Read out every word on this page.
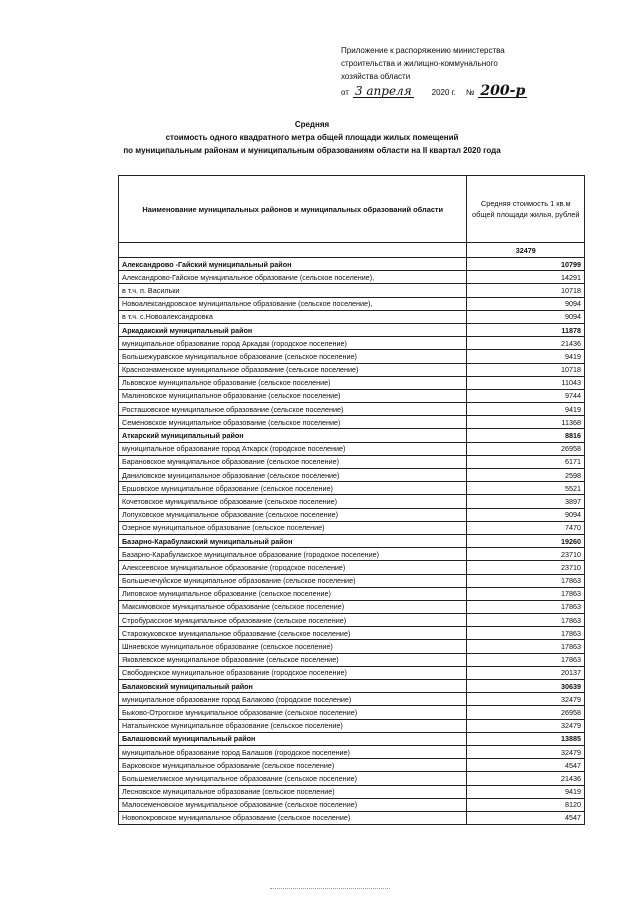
Приложение к распоряжению министерства
строительства и жилищно-коммунального
хозяйства области
от 3 апреля	2020 г. № 200-р
Средняя
стоимость одного квадратного метра общей площади жилых помещений
по муниципальным районам и муниципальным образованиям области на II квартал 2020 года
Наименование муниципальных районов и муниципальных образований области	Средняя стоимость 1 кв.м общей площади жилья, рублей
	32479
Александрово -Гайский муниципальный район	10799
Александрово-Гайское муниципальное образование (сельское поселение),	14291
в т.ч. п. Васильки	10718
Новоалександровское муниципальное образование (сельское поселение),	9094
в т.ч. с.Новоалександровка	9094
Аркадакский муниципальный район	11878
муниципальное образование город Аркадак (городское поселение)	21436
Большежуравское муниципальное образование (сельское поселение)	9419
Краснознаменское муниципальное образование (сельское поселение)	10718
Львовское муниципальное образование (сельское поселение)	11043
Малиновское муниципальное образование (сельское поселение)	9744
Росташовское муниципальное образование (сельское поселение)	9419
Семеновское муниципальное образование (сельское поселение)	11368
Аткарский муниципальный район	8816
муниципальное образование город Аткарск (городское поселение)	26958
Барановское муниципальное образование (сельское поселение)	6171
Даниловское муниципальное образование (сельское поселение)	2598
Ершовское муниципальное образование (сельское поселение)	5521
Кочетовское муниципальное образование (сельское поселение)	3897
Лопуховское муниципальное образование (сельское поселение)	9094
Озерное муниципальное образование (сельское поселение)	7470
Базарно-Карабулакский муниципальный район	19260
Базарно-Карабулакское муниципальное образование (городское поселение)	23710
Алексеевское муниципальное образование (городское поселение)	23710
Большечечуйское муниципальное образование (сельское поселение)	17863
Липовское муниципальное образование (сельское поселение)	17863
Максимовское муниципальное образование (сельское поселение)	17863
Стробурасское муниципальное образование (сельское поселение)	17863
Старожуковское муниципальное образование (сельское поселение)	17863
Шняевское муниципальное образование (сельское поселение)	17863
Яковлевское муниципальное образование (сельское поселение)	17863
Свободинское муниципальное образование (городское поселение)	20137
Балаковский муниципальный район	30639
муниципальное образование город Балаково (городское поселение)	32479
Быково-Отрогское муниципальное образование (сельское поселение)	26958
Натальинское муниципальное образование (сельское поселение)	32479
Балашовский муниципальный район	13885
муниципальное образование город Балашов (городское поселение)	32479
Барковское муниципальное образование (сельское поселение)	4547
Большемеликское муниципальное образование (сельское поселение)	21436
Лесновское муниципальное образование (сельское поселение)	9419
Малосеменовское муниципальное образование (сельское поселение)	8120
Новопокровское муниципальное образование (сельское поселение)	4547
